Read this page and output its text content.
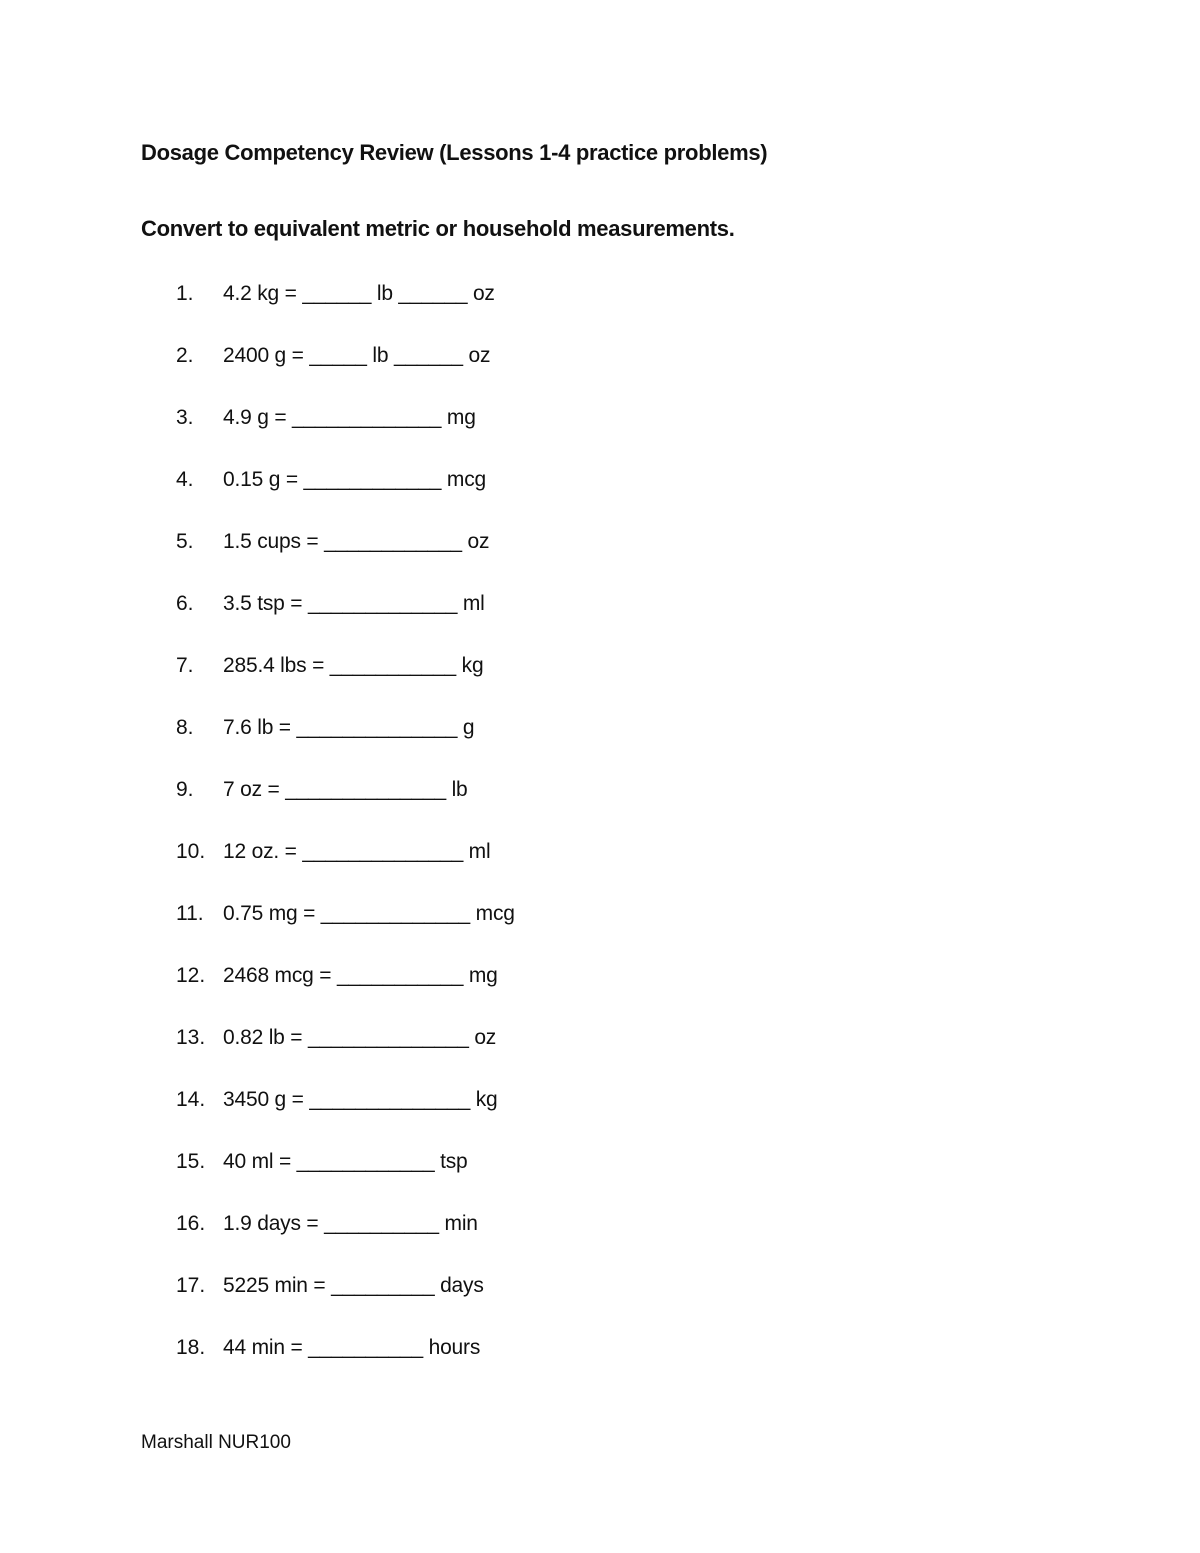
Dosage Competency Review (Lessons 1-4 practice problems)
Convert to equivalent metric or household measurements.
1.	4.2 kg = ______ lb ______ oz
2.	2400 g = _____ lb ______ oz
3.	4.9 g = _____________ mg
4.	0.15 g = ____________ mcg
5.	1.5 cups = ____________ oz
6.	3.5 tsp = _____________ ml
7.	285.4 lbs = ___________ kg
8.	7.6 lb = ______________ g
9.	7 oz = ______________ lb
10. 12 oz. = ______________ ml
11. 0.75 mg = _____________ mcg
12. 2468 mcg = ___________ mg
13. 0.82 lb = ______________ oz
14. 3450 g = ______________ kg
15. 40 ml = ____________ tsp
16. 1.9 days = __________ min
17. 5225 min = _________ days
18. 44 min = __________ hours
Marshall NUR100
